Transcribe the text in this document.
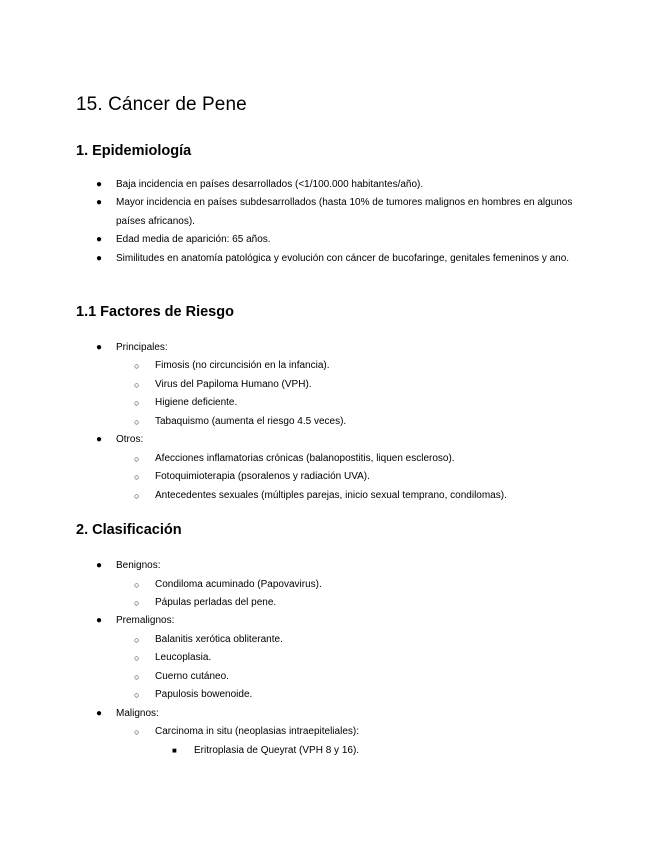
15. Cáncer de Pene
1. Epidemiología
● Baja incidencia en países desarrollados (<1/100.000 habitantes/año).
● Mayor incidencia en países subdesarrollados (hasta 10% de tumores malignos en hombres en algunos países africanos).
● Edad media de aparición: 65 años.
● Similitudes en anatomía patológica y evolución con cáncer de bucofaringe, genitales femeninos y ano.
1.1 Factores de Riesgo
● Principales:
○ Fimosis (no circuncisión en la infancia).
○ Virus del Papiloma Humano (VPH).
○ Higiene deficiente.
○ Tabaquismo (aumenta el riesgo 4.5 veces).
● Otros:
○ Afecciones inflamatorias crónicas (balanopostitis, liquen escleroso).
○ Fotoquimioterapia (psoralenos y radiación UVA).
○ Antecedentes sexuales (múltiples parejas, inicio sexual temprano, condilomas).
2. Clasificación
● Benignos:
○ Condiloma acuminado (Papovavirus).
○ Pápulas perladas del pene.
● Premalignos:
○ Balanitis xerótica obliterante.
○ Leucoplasia.
○ Cuerno cutáneo.
○ Papulosis bowenoide.
● Malignos:
○ Carcinoma in situ (neoplasias intraepiteliales):
■ Eritroplasia de Queyrat (VPH 8 y 16).
